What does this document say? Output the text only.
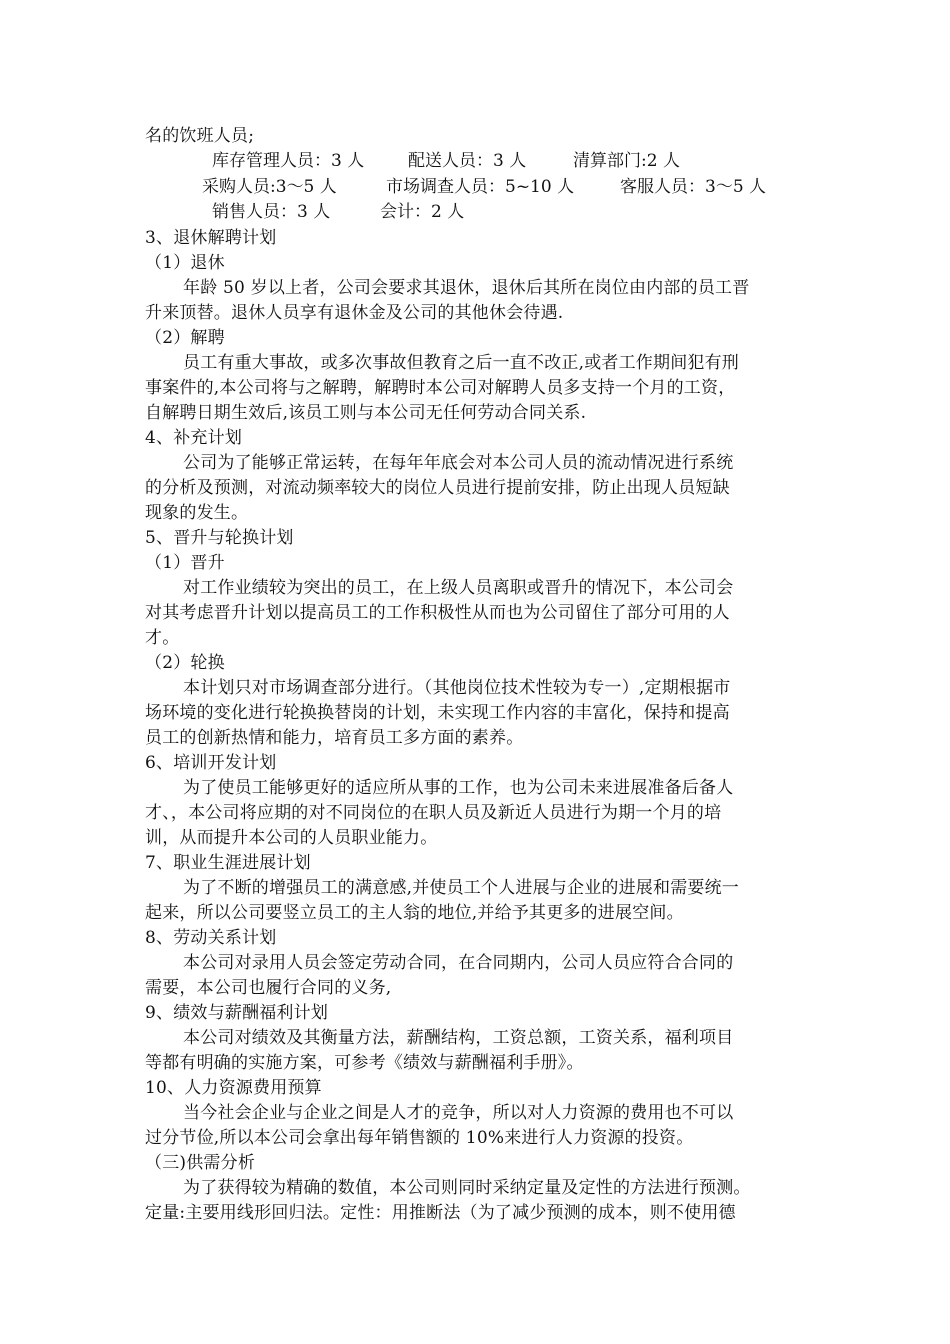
名的饮班人员;
库存管理人员：3 人	配送人员：3 人	清算部门:2 人
采购人员:3～5 人	市场调查人员：5~10 人	客服人员：3～5 人
销售人员：3 人	会计：2 人
3、退休解聘计划
（1）退休
年龄 50 岁以上者，公司会要求其退休，退休后其所在岗位由内部的员工晋
升来顶替。退休人员享有退休金及公司的其他休会待遇.
（2）解聘
员工有重大事故，或多次事故但教育之后一直不改正,或者工作期间犯有刑
事案件的,本公司将与之解聘，解聘时本公司对解聘人员多支持一个月的工资，
自解聘日期生效后,该员工则与本公司无任何劳动合同关系.
4、补充计划
公司为了能够正常运转，在每年年底会对本公司人员的流动情况进行系统
的分析及预测，对流动频率较大的岗位人员进行提前安排，防止出现人员短缺
现象的发生。
5、晋升与轮换计划
（1）晋升
对工作业绩较为突出的员工，在上级人员离职或晋升的情况下，本公司会
对其考虑晋升计划以提高员工的工作积极性从而也为公司留住了部分可用的人
才。
（2）轮换
本计划只对市场调查部分进行。（其他岗位技术性较为专一）,定期根据市
场环境的变化进行轮换换替岗的计划，未实现工作内容的丰富化，保持和提高
员工的创新热情和能力，培育员工多方面的素养。
6、培训开发计划
为了使员工能够更好的适应所从事的工作，也为公司未来进展准备后备人
才、，本公司将应期的对不同岗位的在职人员及新近人员进行为期一个月的培
训，从而提升本公司的人员职业能力。
7、职业生涯进展计划
为了不断的增强员工的满意感,并使员工个人进展与企业的进展和需要统一
起来，所以公司要竖立员工的主人翁的地位,并给予其更多的进展空间。
8、劳动关系计划
本公司对录用人员会签定劳动合同，在合同期内，公司人员应符合合同的
需要，本公司也履行合同的义务,
9、绩效与薪酬福利计划
本公司对绩效及其衡量方法，薪酬结构，工资总额，工资关系，福利项目
等都有明确的实施方案，可参考《绩效与薪酬福利手册》。
10、人力资源费用预算
当今社会企业与企业之间是人才的竞争，所以对人力资源的费用也不可以
过分节俭,所以本公司会拿出每年销售额的 10%来进行人力资源的投资。
（三)供需分析
为了获得较为精确的数值，本公司则同时采纳定量及定性的方法进行预测。
定量:主要用线形回归法。定性：用推断法（为了减少预测的成本，则不使用德
